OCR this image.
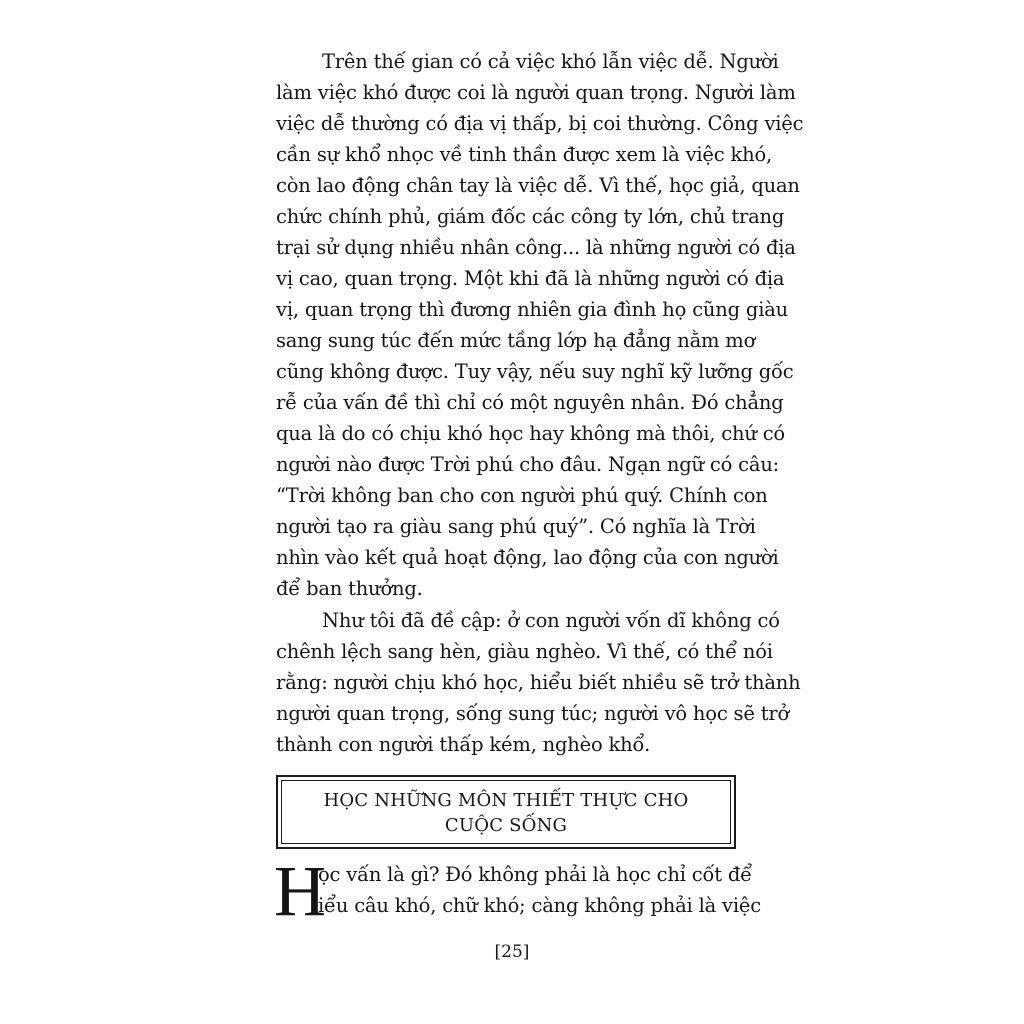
Trên thế gian có cả việc khó lẫn việc dễ. Người
làm việc khó được coi là người quan trọng. Người làm
việc dễ thường có địa vị thấp, bị coi thường. Công việc
cần sự khổ nhọc về tinh thần được xem là việc khó,
còn lao động chân tay là việc dễ. Vì thế, học giả, quan
chức chính phủ, giám đốc các công ty lớn, chủ trang
trại sử dụng nhiều nhân công... là những người có địa
vị cao, quan trọng. Một khi đã là những người có địa
vị, quan trọng thì đương nhiên gia đình họ cũng giàu
sang sung túc đến mức tầng lớp hạ đẳng nằm mơ
cũng không được. Tuy vậy, nếu suy nghĩ kỹ lưỡng gốc
rễ của vấn đề thì chỉ có một nguyên nhân. Đó chẳng
qua là do có chịu khó học hay không mà thôi, chứ có
người nào được Trời phú cho đâu. Ngạn ngữ có câu:
“Trời không ban cho con người phú quý. Chính con
người tạo ra giàu sang phú quý”. Có nghĩa là Trời
nhìn vào kết quả hoạt động, lao động của con người
để ban thưởng.
Như tôi đã đề cập: ở con người vốn dĩ không có
chênh lệch sang hèn, giàu nghèo. Vì thế, có thể nói
rằng: người chịu khó học, hiểu biết nhiều sẽ trở thành
người quan trọng, sống sung túc; người vô học sẽ trở
thành con người thấp kém, nghèo khổ.
HỌC NHỮNG MÔN THIẾT THỰC CHO
CUỘC SỐNG
H
ọc vấn là gì? Đó không phải là học chỉ cốt để
iểu câu khó, chữ khó; càng không phải là việc
[25]
